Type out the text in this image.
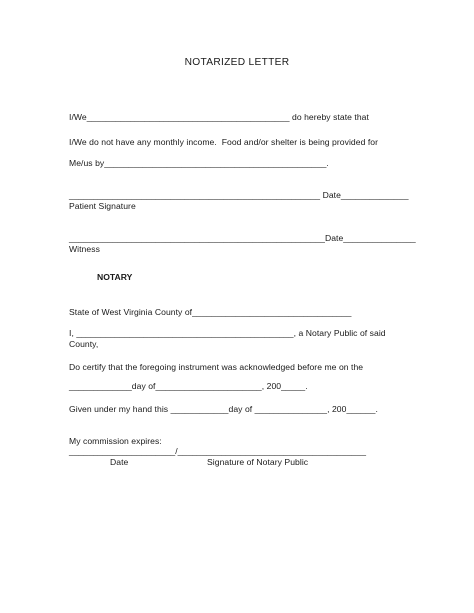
NOTARIZED LETTER

I/We__________________________________________ do hereby state that

I/We do not have any monthly income.  Food and/or shelter is being provided for

Me/us by______________________________________________.

____________________________________________________ Date______________

Patient Signature

_____________________________________________________Date_______________

Witness

NOTARY

State of West Virginia County of_________________________________

I, _____________________________________________, a Notary Public of said

County,

Do certify that the foregoing instrument was acknowledged before me on the

_____________day of______________________, 200_____.

Given under my hand this ____________day of _______________, 200______.

My commission expires:

______________________/_______________________________________

Date	Signature of Notary Public
